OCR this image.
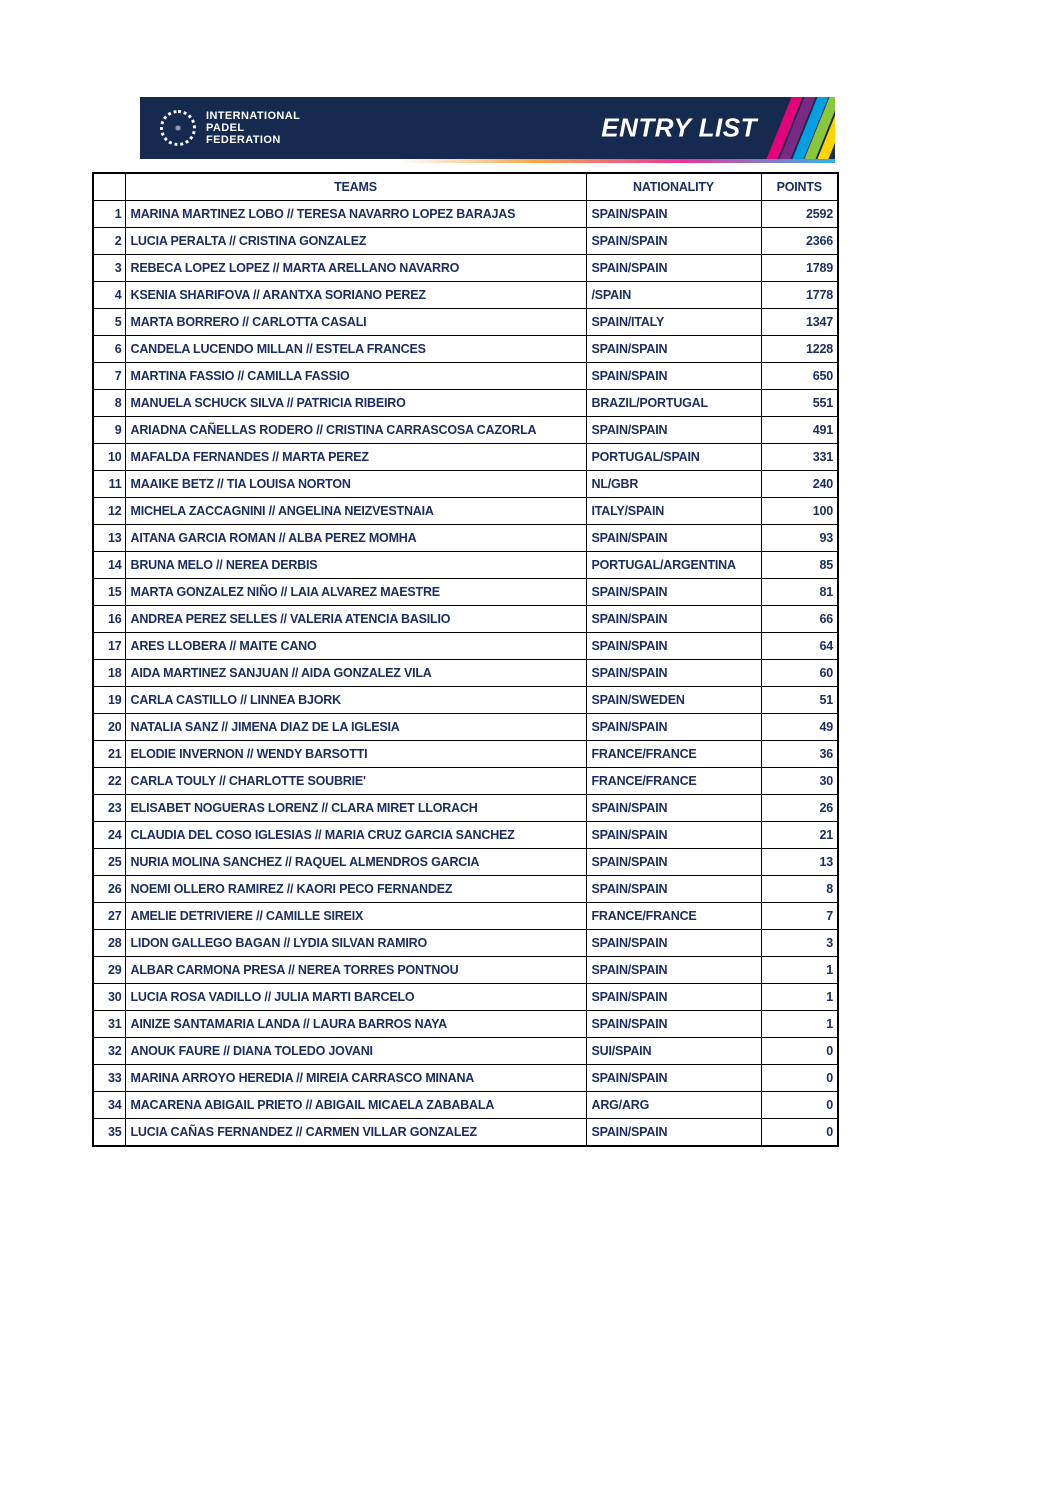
INTERNATIONAL
PADEL
FEDERATION	ENTRY LIST
	TEAMS	NATIONALITY	POINTS
1	MARINA MARTINEZ LOBO // TERESA NAVARRO LOPEZ BARAJAS	SPAIN/SPAIN	2592
2	LUCIA PERALTA // CRISTINA GONZALEZ	SPAIN/SPAIN	2366
3	REBECA LOPEZ LOPEZ // MARTA ARELLANO NAVARRO	SPAIN/SPAIN	1789
4	KSENIA SHARIFOVA // ARANTXA SORIANO PEREZ	/SPAIN	1778
5	MARTA BORRERO // CARLOTTA CASALI	SPAIN/ITALY	1347
6	CANDELA LUCENDO MILLAN // ESTELA FRANCES	SPAIN/SPAIN	1228
7	MARTINA FASSIO // CAMILLA FASSIO	SPAIN/SPAIN	650
8	MANUELA SCHUCK SILVA // PATRICIA RIBEIRO	BRAZIL/PORTUGAL	551
9	ARIADNA CAÑELLAS RODERO // CRISTINA CARRASCOSA CAZORLA	SPAIN/SPAIN	491
10	MAFALDA FERNANDES // MARTA PEREZ	PORTUGAL/SPAIN	331
11	MAAIKE BETZ // TIA LOUISA NORTON	NL/GBR	240
12	MICHELA ZACCAGNINI // ANGELINA NEIZVESTNAIA	ITALY/SPAIN	100
13	AITANA GARCIA ROMAN // ALBA PEREZ MOMHA	SPAIN/SPAIN	93
14	BRUNA MELO // NEREA DERBIS	PORTUGAL/ARGENTINA	85
15	MARTA GONZALEZ NIÑO // LAIA ALVAREZ MAESTRE	SPAIN/SPAIN	81
16	ANDREA PEREZ SELLES // VALERIA ATENCIA BASILIO	SPAIN/SPAIN	66
17	ARES LLOBERA // MAITE CANO	SPAIN/SPAIN	64
18	AIDA MARTINEZ SANJUAN // AIDA GONZALEZ VILA	SPAIN/SPAIN	60
19	CARLA CASTILLO // LINNEA BJORK	SPAIN/SWEDEN	51
20	NATALIA SANZ // JIMENA DIAZ DE LA IGLESIA	SPAIN/SPAIN	49
21	ELODIE INVERNON // WENDY BARSOTTI	FRANCE/FRANCE	36
22	CARLA TOULY // CHARLOTTE SOUBRIE'	FRANCE/FRANCE	30
23	ELISABET NOGUERAS LORENZ // CLARA MIRET LLORACH	SPAIN/SPAIN	26
24	CLAUDIA DEL COSO IGLESIAS // MARIA CRUZ GARCIA SANCHEZ	SPAIN/SPAIN	21
25	NURIA MOLINA SANCHEZ // RAQUEL ALMENDROS GARCIA	SPAIN/SPAIN	13
26	NOEMI OLLERO RAMIREZ // KAORI PECO FERNANDEZ	SPAIN/SPAIN	8
27	AMELIE DETRIVIERE // CAMILLE SIREIX	FRANCE/FRANCE	7
28	LIDON GALLEGO BAGAN // LYDIA SILVAN RAMIRO	SPAIN/SPAIN	3
29	ALBAR CARMONA PRESA // NEREA TORRES PONTNOU	SPAIN/SPAIN	1
30	LUCIA ROSA VADILLO // JULIA MARTI BARCELO	SPAIN/SPAIN	1
31	AINIZE SANTAMARIA LANDA // LAURA BARROS NAYA	SPAIN/SPAIN	1
32	ANOUK FAURE // DIANA TOLEDO JOVANI	SUI/SPAIN	0
33	MARINA ARROYO HEREDIA // MIREIA CARRASCO MINANA	SPAIN/SPAIN	0
34	MACARENA ABIGAIL PRIETO // ABIGAIL MICAELA ZABABALA	ARG/ARG	0
35	LUCIA CAÑAS FERNANDEZ // CARMEN VILLAR GONZALEZ	SPAIN/SPAIN	0
